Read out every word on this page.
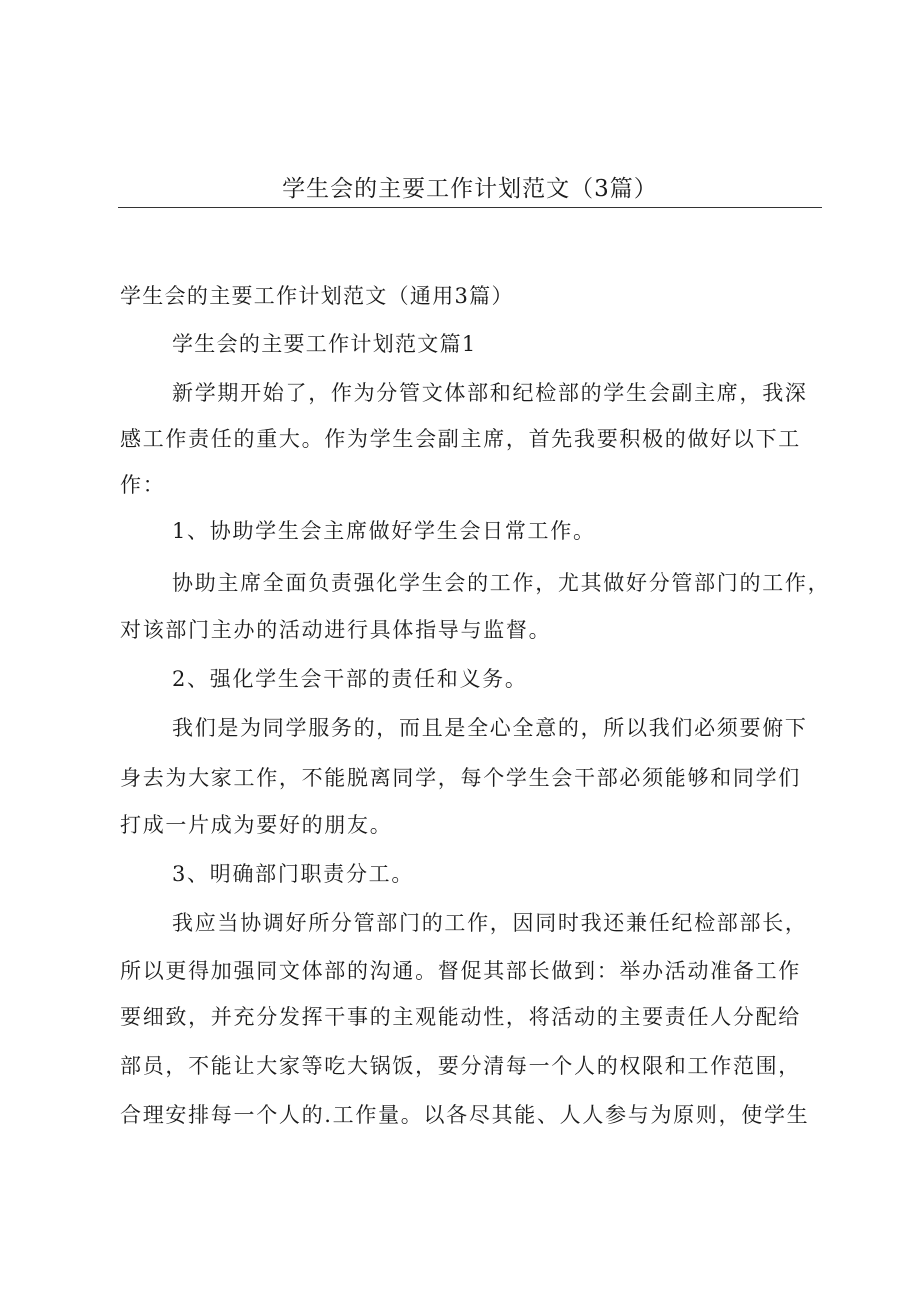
学生会的主要工作计划范文（3篇）
学生会的主要工作计划范文（通用3篇）
学生会的主要工作计划范文篇1
新学期开始了，作为分管文体部和纪检部的学生会副主席，我深
感工作责任的重大。作为学生会副主席，首先我要积极的做好以下工
作：
1、协助学生会主席做好学生会日常工作。
协助主席全面负责强化学生会的工作，尤其做好分管部门的工作，
对该部门主办的活动进行具体指导与监督。
2、强化学生会干部的责任和义务。
我们是为同学服务的，而且是全心全意的，所以我们必须要俯下
身去为大家工作，不能脱离同学，每个学生会干部必须能够和同学们
打成一片成为要好的朋友。
3、明确部门职责分工。
我应当协调好所分管部门的工作，因同时我还兼任纪检部部长，
所以更得加强同文体部的沟通。督促其部长做到：举办活动准备工作
要细致，并充分发挥干事的主观能动性，将活动的主要责任人分配给
部员，不能让大家等吃大锅饭，要分清每一个人的权限和工作范围，
合理安排每一个人的.工作量。以各尽其能、人人参与为原则，使学生
